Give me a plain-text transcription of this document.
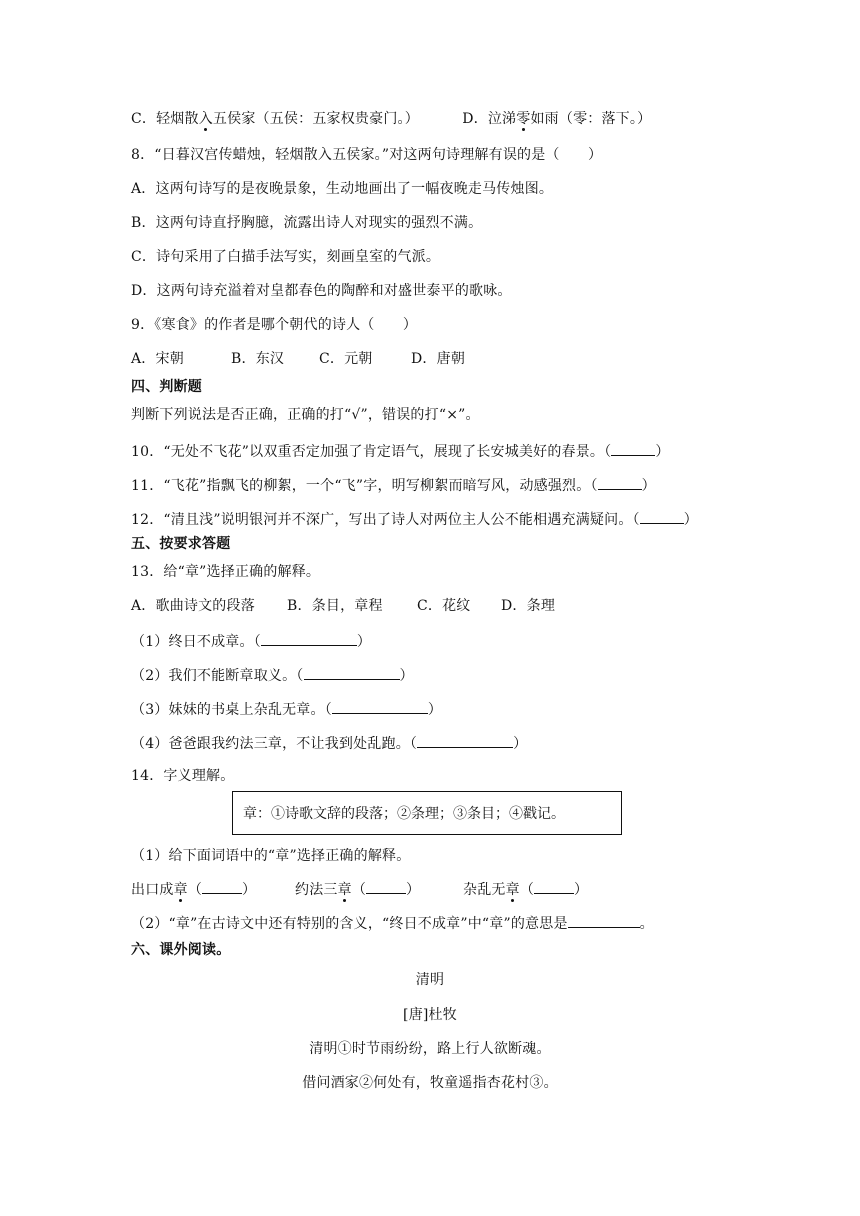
C．轻烟散入五侯家（五侯：五家权贵豪门。）	D．泣涕零如雨（零：落下。）
8．“日暮汉宫传蜡烛，轻烟散入五侯家。”对这两句诗理解有误的是（　　）
A．这两句诗写的是夜晚景象，生动地画出了一幅夜晚走马传烛图。
B．这两句诗直抒胸臆，流露出诗人对现实的强烈不满。
C．诗句采用了白描手法写实，刻画皇室的气派。
D．这两句诗充溢着对皇都春色的陶醉和对盛世泰平的歌咏。
9．《寒食》的作者是哪个朝代的诗人（　　）
A．宋朝	B．东汉 C．元朝	D．唐朝
四、判断题
判断下列说法是否正确，正确的打“√”，错误的打“×”。
10．“无处不飞花”以双重否定加强了肯定语气，展现了长安城美好的春景。（	）
11．“飞花”指飘飞的柳絮，一个“飞”字，明写柳絮而暗写风，动感强烈。（	）
12．“清且浅”说明银河并不深广，写出了诗人对两位主人公不能相遇充满疑问。（	）
五、按要求答题
13．给“章”选择正确的解释。
A．歌曲诗文的段落 B．条目，章程 C．花纹 D．条理
（1）终日不成章。（	）
（2）我们不能断章取义。（	）
（3）妹妹的书桌上杂乱无章。（	）
（4）爸爸跟我约法三章，不让我到处乱跑。（	）
14．字义理解。
章：①诗歌文辞的段落；②条理；③条目；④戳记。
（1）给下面词语中的“章”选择正确的解释。
出口成章（	）	约法三章（	）	杂乱无章（	）
（2）“章”在古诗文中还有特别的含义，“终日不成章”中“章”的意思是	。
六、课外阅读。
清明
[唐]杜牧
清明①时节雨纷纷，路上行人欲断魂。
借问酒家②何处有，牧童遥指杏花村③。
